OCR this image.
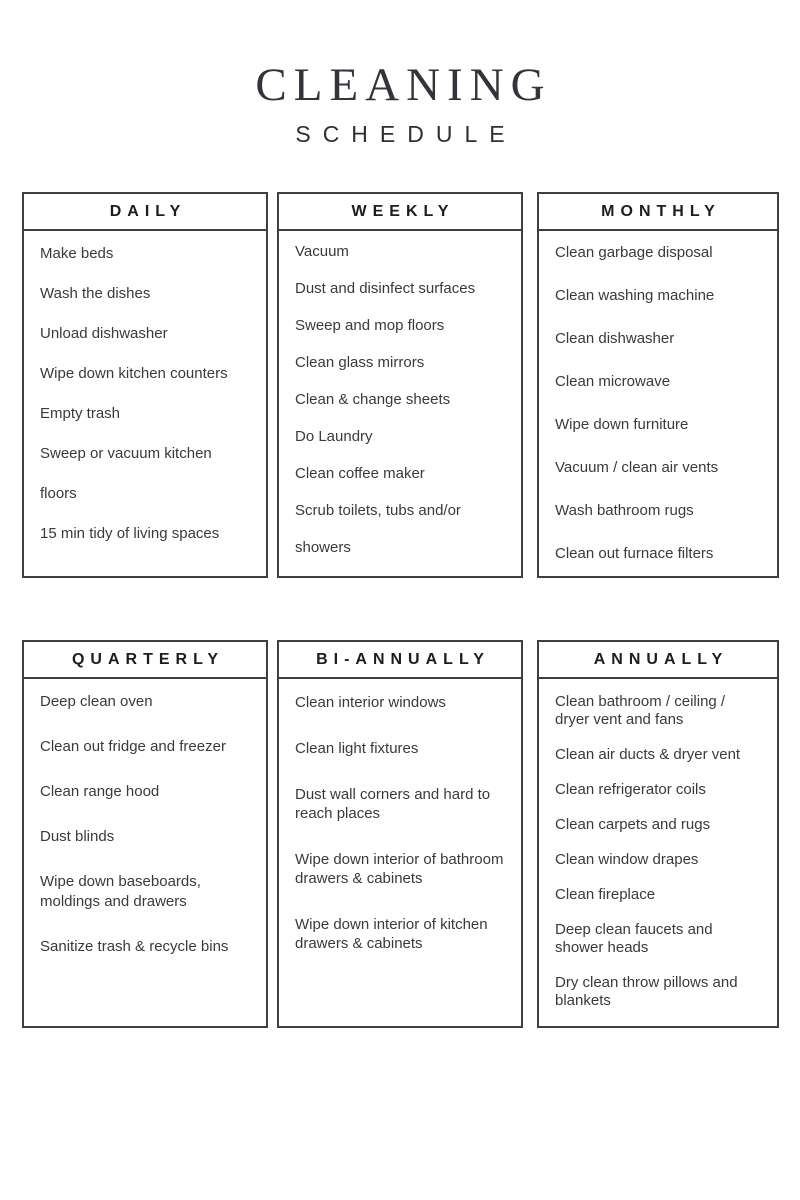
CLEANING
SCHEDULE
DAILY
Make beds
Wash the dishes
Unload dishwasher
Wipe down kitchen counters
Empty trash
Sweep or vacuum kitchen floors
15 min tidy of living spaces
WEEKLY
Vacuum
Dust and disinfect surfaces
Sweep and mop floors
Clean glass mirrors
Clean & change sheets
Do Laundry
Clean coffee maker
Scrub toilets, tubs and/or showers
MONTHLY
Clean garbage disposal
Clean washing machine
Clean dishwasher
Clean microwave
Wipe down furniture
Vacuum / clean air vents
Wash bathroom rugs
Clean out furnace filters
QUARTERLY
Deep clean oven
Clean out fridge and freezer
Clean range hood
Dust blinds
Wipe down baseboards, moldings and drawers
Sanitize trash & recycle bins
BI-ANNUALLY
Clean interior windows
Clean light fixtures
Dust wall corners and hard to reach places
Wipe down interior of bathroom drawers & cabinets
Wipe down interior of kitchen drawers & cabinets
ANNUALLY
Clean bathroom / ceiling / dryer vent and fans
Clean air ducts & dryer vent
Clean refrigerator coils
Clean carpets and rugs
Clean window drapes
Clean fireplace
Deep clean faucets and shower heads
Dry clean throw pillows and blankets
